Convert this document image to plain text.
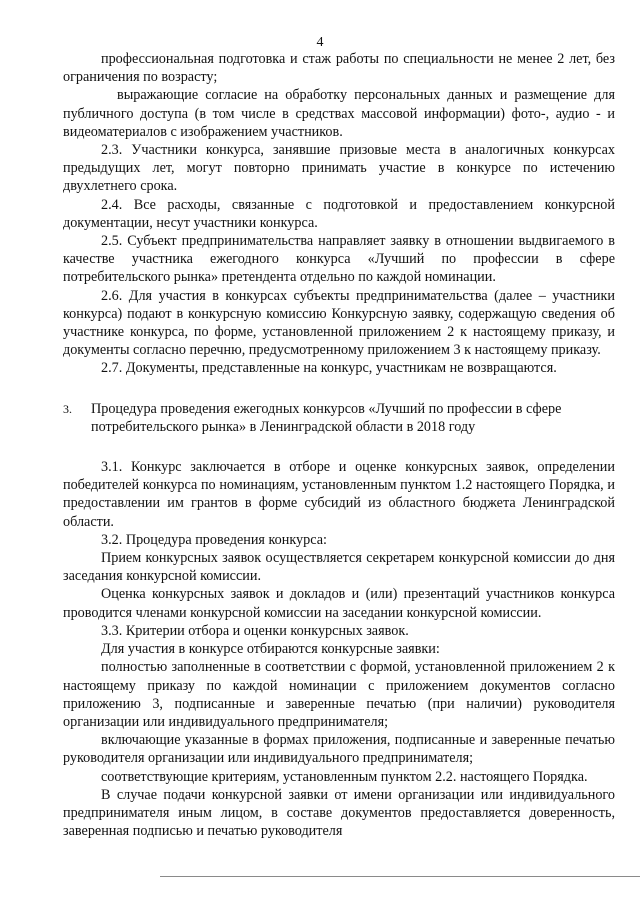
4

профессиональная подготовка и стаж работы по специальности не менее 2 лет, без ограничения по возрасту;

выражающие согласие на обработку персональных данных и размещение для публичного доступа (в том числе в средствах массовой информации) фото-, аудио - и видеоматериалов с изображением участников.

2.3. Участники конкурса, занявшие призовые места в аналогичных конкурсах предыдущих лет, могут повторно принимать участие в конкурсе по истечению двухлетнего срока.

2.4. Все расходы, связанные с подготовкой и предоставлением конкурсной документации, несут участники конкурса.

2.5. Субъект предпринимательства направляет заявку в отношении выдвигаемого в качестве участника ежегодного конкурса «Лучший по профессии в сфере потребительского рынка» претендента отдельно по каждой номинации.

2.6. Для участия в конкурсах субъекты предпринимательства (далее – участники конкурса) подают в конкурсную комиссию Конкурсную заявку, содержащую сведения об участнике конкурса, по форме, установленной приложением 2 к настоящему приказу, и документы согласно перечню, предусмотренному приложением 3 к настоящему приказу.

2.7. Документы, представленные на конкурс, участникам не возвращаются.

3.	Процедура проведения ежегодных конкурсов «Лучший по профессии в сфере потребительского рынка» в Ленинградской области в 2018 году

3.1. Конкурс заключается в отборе и оценке конкурсных заявок, определении победителей конкурса по номинациям, установленным пунктом 1.2 настоящего Порядка, и предоставлении им грантов в форме субсидий из областного бюджета Ленинградской области.

3.2. Процедура проведения конкурса:

Прием конкурсных заявок осуществляется секретарем конкурсной комиссии до дня заседания конкурсной комиссии.

Оценка конкурсных заявок и докладов и (или) презентаций участников конкурса проводится членами конкурсной комиссии на заседании конкурсной комиссии.

3.3. Критерии отбора и оценки конкурсных заявок.

Для участия в конкурсе отбираются конкурсные заявки:

полностью заполненные в соответствии с формой, установленной приложением 2 к настоящему приказу по каждой номинации с приложением документов согласно приложению 3, подписанные и заверенные печатью (при наличии) руководителя организации или индивидуального предпринимателя;

включающие указанные в формах приложения, подписанные и заверенные печатью руководителя организации или индивидуального предпринимателя;

соответствующие критериям, установленным пунктом 2.2. настоящего Порядка.

В случае подачи конкурсной заявки от имени организации или индивидуального предпринимателя иным лицом, в составе документов предоставляется доверенность, заверенная подписью и печатью руководителя
